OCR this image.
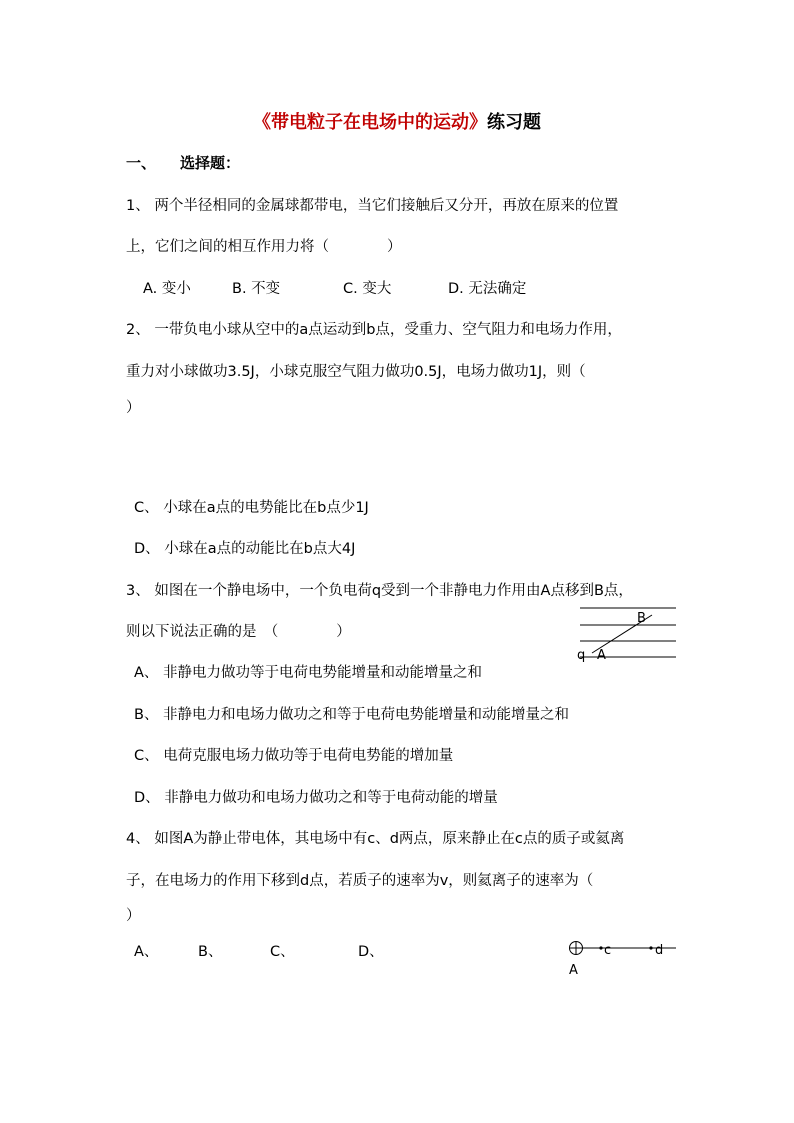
《带电粒子在电场中的运动》练习题
一、 选择题：
1、 两个半径相同的金属球都带电，当它们接触后又分开，再放在原来的位置
上，它们之间的相互作用力将（　　　　）
A. 变小	B. 不变	C. 变大	D. 无法确定
2、 一带负电小球从空中的a点运动到b点，受重力、空气阻力和电场力作用，
重力对小球做功3.5J，小球克服空气阻力做功0.5J，电场力做功1J，则（
）
C、 小球在a点的电势能比在b点少1J
D、 小球在a点的动能比在b点大4J
3、 如图在一个静电场中，一个负电荷q受到一个非静电力作用由A点移到B点，
则以下说法正确的是　（　　　　）
B
q A
A、 非静电力做功等于电荷电势能增量和动能增量之和
B、 非静电力和电场力做功之和等于电荷电势能增量和动能增量之和
C、 电荷克服电场力做功等于电荷电势能的增加量
D、 非静电力做功和电场力做功之和等于电荷动能的增量
4、 如图A为静止带电体，其电场中有c、d两点，原来静止在c点的质子或氦离
子，在电场力的作用下移到d点，若质子的速率为v，则氦离子的速率为（
）
A、	B、	C、	D、	c	d
A
